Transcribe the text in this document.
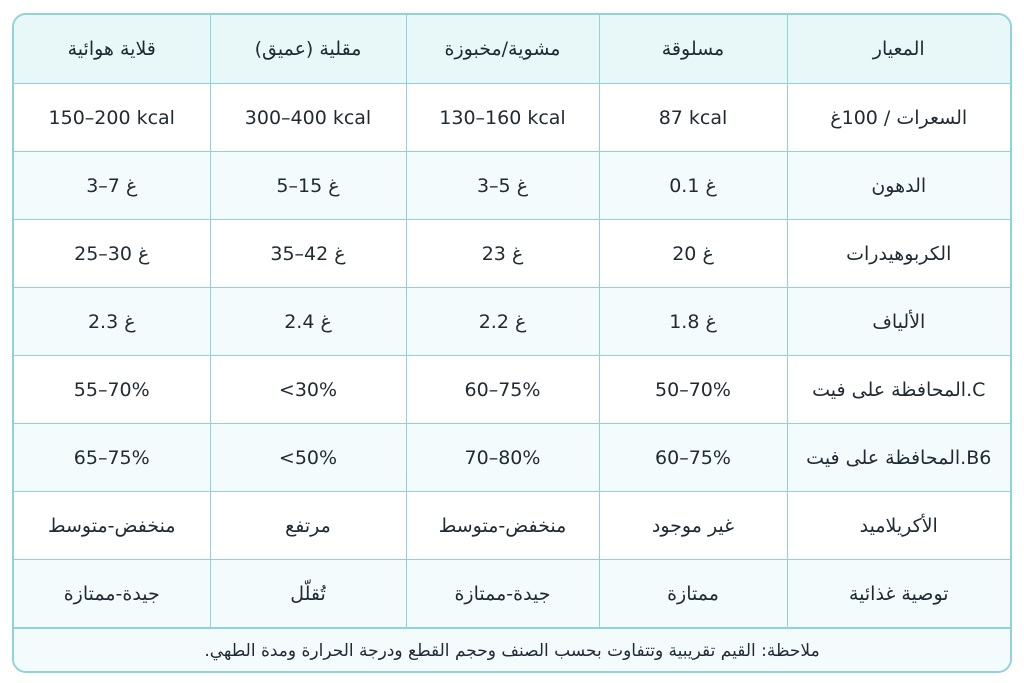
قلاية هوائية	مقلية (عميق)	مشوية/مخبوزة	مسلوقة	المعيار
150–200 kcal	300–400 kcal	130–160 kcal	87 kcal	السعرات / 100غ
3–7 غ	5–15 غ	3–5 غ	0.1 غ	الدهون
25–30 غ	35–42 غ	23 غ	20 غ	الكربوهيدرات
2.3 غ	2.4 غ	2.2 غ	1.8 غ	الألياف
55–70%	<30%	60–75%	50–70%	المحافظة على فيت.C
65–75%	<50%	70–80%	60–75%	المحافظة على فيت.B6
منخفض-متوسط	مرتفع	منخفض-متوسط	غير موجود	الأكريلاميد
جيدة-ممتازة	تُقلّل	جيدة-ممتازة	ممتازة	توصية غذائية
ملاحظة: القيم تقريبية وتتفاوت بحسب الصنف وحجم القطع ودرجة الحرارة ومدة الطهي.
